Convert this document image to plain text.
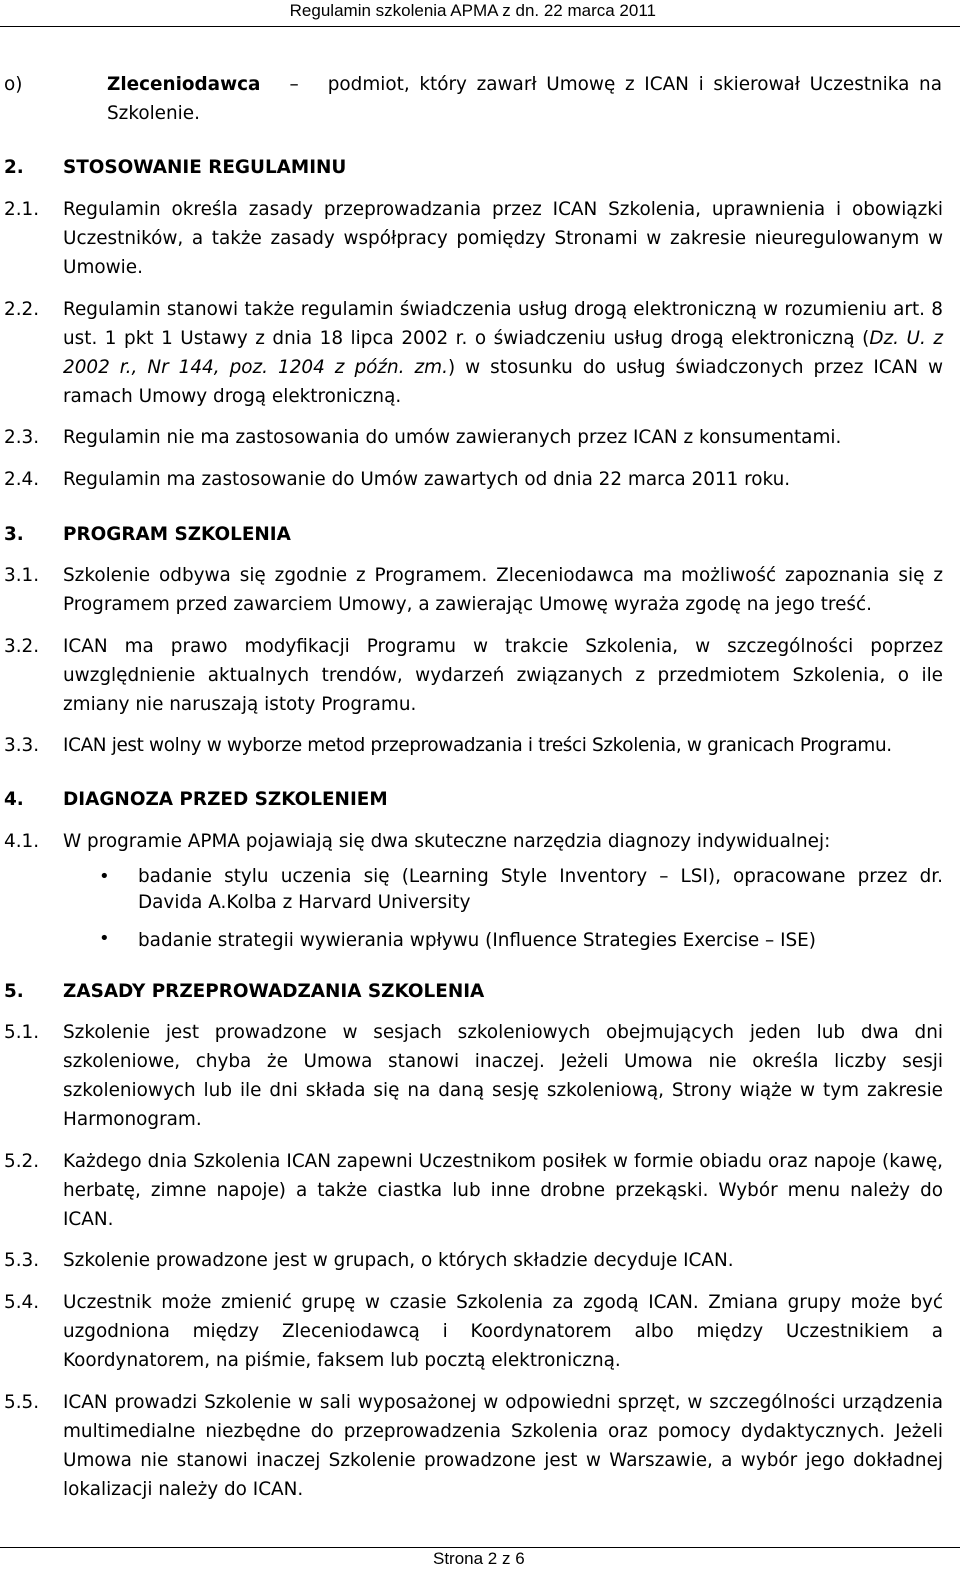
Regulamin szkolenia APMA z dn. 22 marca 2011
o)	Zleceniodawca – podmiot, który zawarł Umowę z ICAN i skierował Uczestnika na Szkolenie.
2. STOSOWANIE REGULAMINU
2.1. Regulamin określa zasady przeprowadzania przez ICAN Szkolenia, uprawnienia i obowiązki Uczestników, a także zasady współpracy pomiędzy Stronami w zakresie nieuregulowanym w Umowie.
2.2. Regulamin stanowi także regulamin świadczenia usług drogą elektroniczną w rozumieniu art. 8 ust. 1 pkt 1 Ustawy z dnia 18 lipca 2002 r. o świadczeniu usług drogą elektroniczną (Dz. U. z 2002 r., Nr 144, poz. 1204 z późn. zm.) w stosunku do usług świadczonych przez ICAN w ramach Umowy drogą elektroniczną.
2.3. Regulamin nie ma zastosowania do umów zawieranych przez ICAN z konsumentami.
2.4. Regulamin ma zastosowanie do Umów zawartych od dnia 22 marca 2011 roku.
3. PROGRAM SZKOLENIA
3.1. Szkolenie odbywa się zgodnie z Programem. Zleceniodawca ma możliwość zapoznania się z Programem przed zawarciem Umowy, a zawierając Umowę wyraża zgodę na jego treść.
3.2. ICAN ma prawo modyfikacji Programu w trakcie Szkolenia, w szczególności poprzez uwzględnienie aktualnych trendów, wydarzeń związanych z przedmiotem Szkolenia, o ile zmiany nie naruszają istoty Programu.
3.3. ICAN jest wolny w wyborze metod przeprowadzania i treści Szkolenia, w granicach Programu.
4. DIAGNOZA PRZED SZKOLENIEM
4.1. W programie APMA pojawiają się dwa skuteczne narzędzia diagnozy indywidualnej:
• badanie stylu uczenia się (Learning Style Inventory – LSI), opracowane przez dr. Davida A.Kolba z Harvard University
• badanie strategii wywierania wpływu (Influence Strategies Exercise – ISE)
5. ZASADY PRZEPROWADZANIA SZKOLENIA
5.1. Szkolenie jest prowadzone w sesjach szkoleniowych obejmujących jeden lub dwa dni szkoleniowe, chyba że Umowa stanowi inaczej. Jeżeli Umowa nie określa liczby sesji szkoleniowych lub ile dni składa się na daną sesję szkoleniową, Strony wiąże w tym zakresie Harmonogram.
5.2. Każdego dnia Szkolenia ICAN zapewni Uczestnikom posiłek w formie obiadu oraz napoje (kawę, herbatę, zimne napoje) a także ciastka lub inne drobne przekąski. Wybór menu należy do ICAN.
5.3. Szkolenie prowadzone jest w grupach, o których składzie decyduje ICAN.
5.4. Uczestnik może zmienić grupę w czasie Szkolenia za zgodą ICAN. Zmiana grupy może być uzgodniona między Zleceniodawcą i Koordynatorem albo między Uczestnikiem a Koordynatorem, na piśmie, faksem lub pocztą elektroniczną.
5.5. ICAN prowadzi Szkolenie w sali wyposażonej w odpowiedni sprzęt, w szczególności urządzenia multimedialne niezbędne do przeprowadzenia Szkolenia oraz pomocy dydaktycznych. Jeżeli Umowa nie stanowi inaczej Szkolenie prowadzone jest w Warszawie, a wybór jego dokładnej lokalizacji należy do ICAN.
Strona 2 z 6
